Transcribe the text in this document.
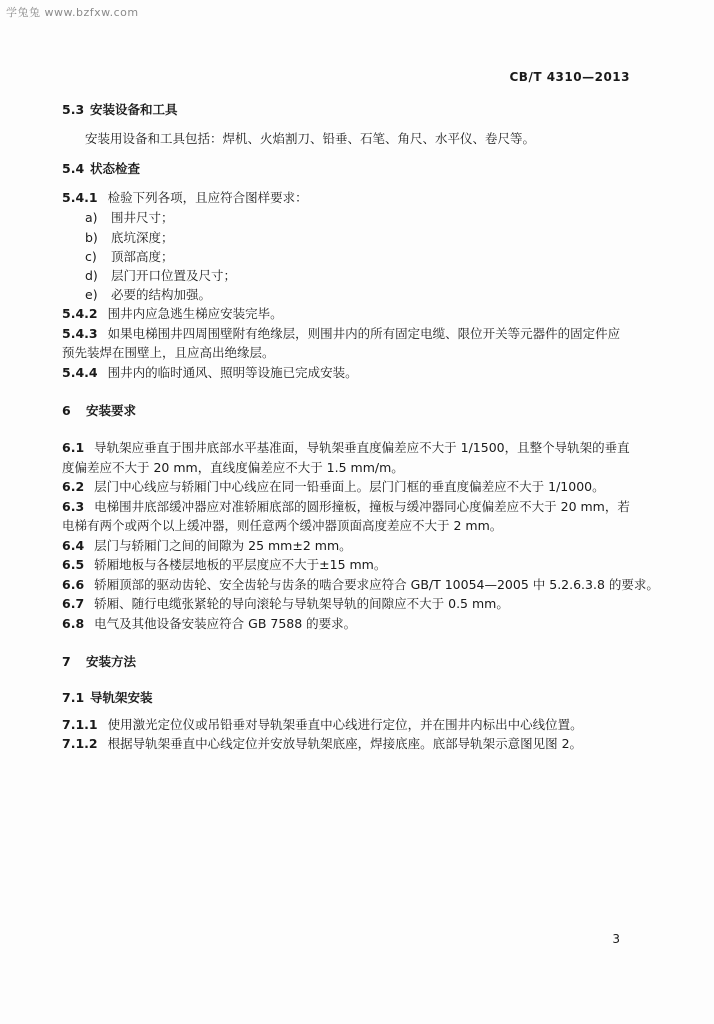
学兔兔 www.bzfxw.com
CB/T 4310—2013
5.3 安装设备和工具
安装用设备和工具包括：焊机、火焰割刀、铅垂、石笔、角尺、水平仪、卷尺等。
5.4 状态检查
5.4.1 检验下列各项，且应符合图样要求：
a) 围井尺寸；
b) 底坑深度；
c) 顶部高度；
d) 层门开口位置及尺寸；
e) 必要的结构加强。
5.4.2 围井内应急逃生梯应安装完毕。
5.4.3 如果电梯围井四周围壁附有绝缘层，则围井内的所有固定电缆、限位开关等元器件的固定件应
预先装焊在围壁上，且应高出绝缘层。
5.4.4 围井内的临时通风、照明等设施已完成安装。
6 安装要求
6.1 导轨架应垂直于围井底部水平基准面，导轨架垂直度偏差应不大于 1/1500，且整个导轨架的垂直
度偏差应不大于 20 mm，直线度偏差应不大于 1.5 mm/m。
6.2 层门中心线应与轿厢门中心线应在同一铅垂面上。层门门框的垂直度偏差应不大于 1/1000。
6.3 电梯围井底部缓冲器应对准轿厢底部的圆形撞板，撞板与缓冲器同心度偏差应不大于 20 mm，若
电梯有两个或两个以上缓冲器，则任意两个缓冲器顶面高度差应不大于 2 mm。
6.4 层门与轿厢门之间的间隙为 25 mm±2 mm。
6.5 轿厢地板与各楼层地板的平层度应不大于±15 mm。
6.6 轿厢顶部的驱动齿轮、安全齿轮与齿条的啮合要求应符合 GB/T 10054—2005 中 5.2.6.3.8 的要求。
6.7 轿厢、随行电缆张紧轮的导向滚轮与导轨架导轨的间隙应不大于 0.5 mm。
6.8 电气及其他设备安装应符合 GB 7588 的要求。
7 安装方法
7.1 导轨架安装
7.1.1 使用激光定位仪或吊铅垂对导轨架垂直中心线进行定位，并在围井内标出中心线位置。
7.1.2 根据导轨架垂直中心线定位并安放导轨架底座，焊接底座。底部导轨架示意图见图 2。
3
